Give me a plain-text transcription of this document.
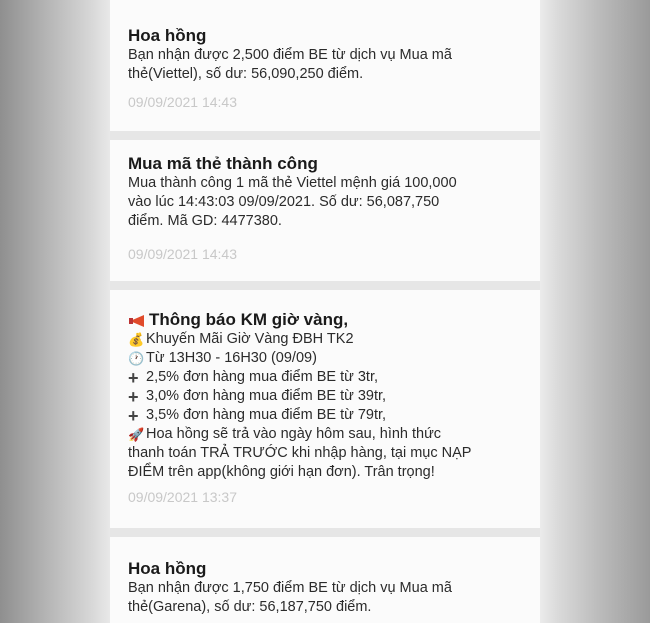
Hoa hồng
Bạn nhận được 2,500 điểm BE từ dịch vụ Mua mã
thẻ(Viettel), số dư: 56,090,250 điểm.
09/09/2021 14:43
Mua mã thẻ thành công
Mua thành công 1 mã thẻ Viettel mệnh giá 100,000
vào lúc 14:43:03 09/09/2021. Số dư: 56,087,750
điểm. Mã GD: 4477380.
09/09/2021 14:43
Thông báo KM giờ vàng,
💰 Khuyến Mãi Giờ Vàng ĐBH TK2
🕐 Từ 13H30 - 16H30 (09/09)
+ 2,5% đơn hàng mua điểm BE từ 3tr,
+ 3,0% đơn hàng mua điểm BE từ 39tr,
+ 3,5% đơn hàng mua điểm BE từ 79tr,
🚀 Hoa hồng sẽ trả vào ngày hôm sau, hình thức
thanh toán TRẢ TRƯỚC khi nhập hàng, tại mục NẠP
ĐIỂM trên app(không giới hạn đơn). Trân trọng!
09/09/2021 13:37
Hoa hồng
Bạn nhận được 1,750 điểm BE từ dịch vụ Mua mã
thẻ(Garena), số dư: 56,187,750 điểm.
